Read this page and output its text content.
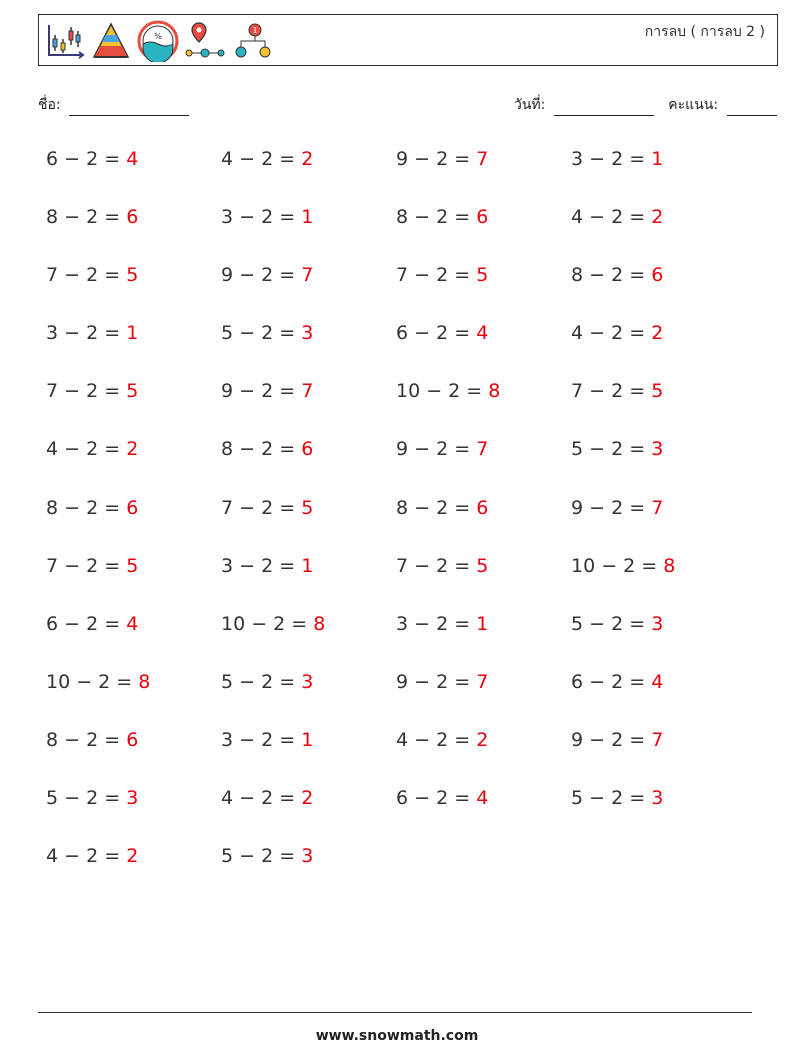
%
1	การลบ ( การลบ 2 )
ชื่อ:	วันที่:	คะแนน:
6 − 2 = 4	4 − 2 = 2	9 − 2 = 7	3 − 2 = 1
8 − 2 = 6	3 − 2 = 1	8 − 2 = 6	4 − 2 = 2
7 − 2 = 5	9 − 2 = 7	7 − 2 = 5	8 − 2 = 6
3 − 2 = 1	5 − 2 = 3	6 − 2 = 4	4 − 2 = 2
7 − 2 = 5	9 − 2 = 7	10 − 2 = 8	7 − 2 = 5
4 − 2 = 2	8 − 2 = 6	9 − 2 = 7	5 − 2 = 3
8 − 2 = 6	7 − 2 = 5	8 − 2 = 6	9 − 2 = 7
7 − 2 = 5	3 − 2 = 1	7 − 2 = 5	10 − 2 = 8
6 − 2 = 4	10 − 2 = 8	3 − 2 = 1	5 − 2 = 3
10 − 2 = 8	5 − 2 = 3	9 − 2 = 7	6 − 2 = 4
8 − 2 = 6	3 − 2 = 1	4 − 2 = 2	9 − 2 = 7
5 − 2 = 3	4 − 2 = 2	6 − 2 = 4	5 − 2 = 3
4 − 2 = 2	5 − 2 = 3
www.snowmath.com
